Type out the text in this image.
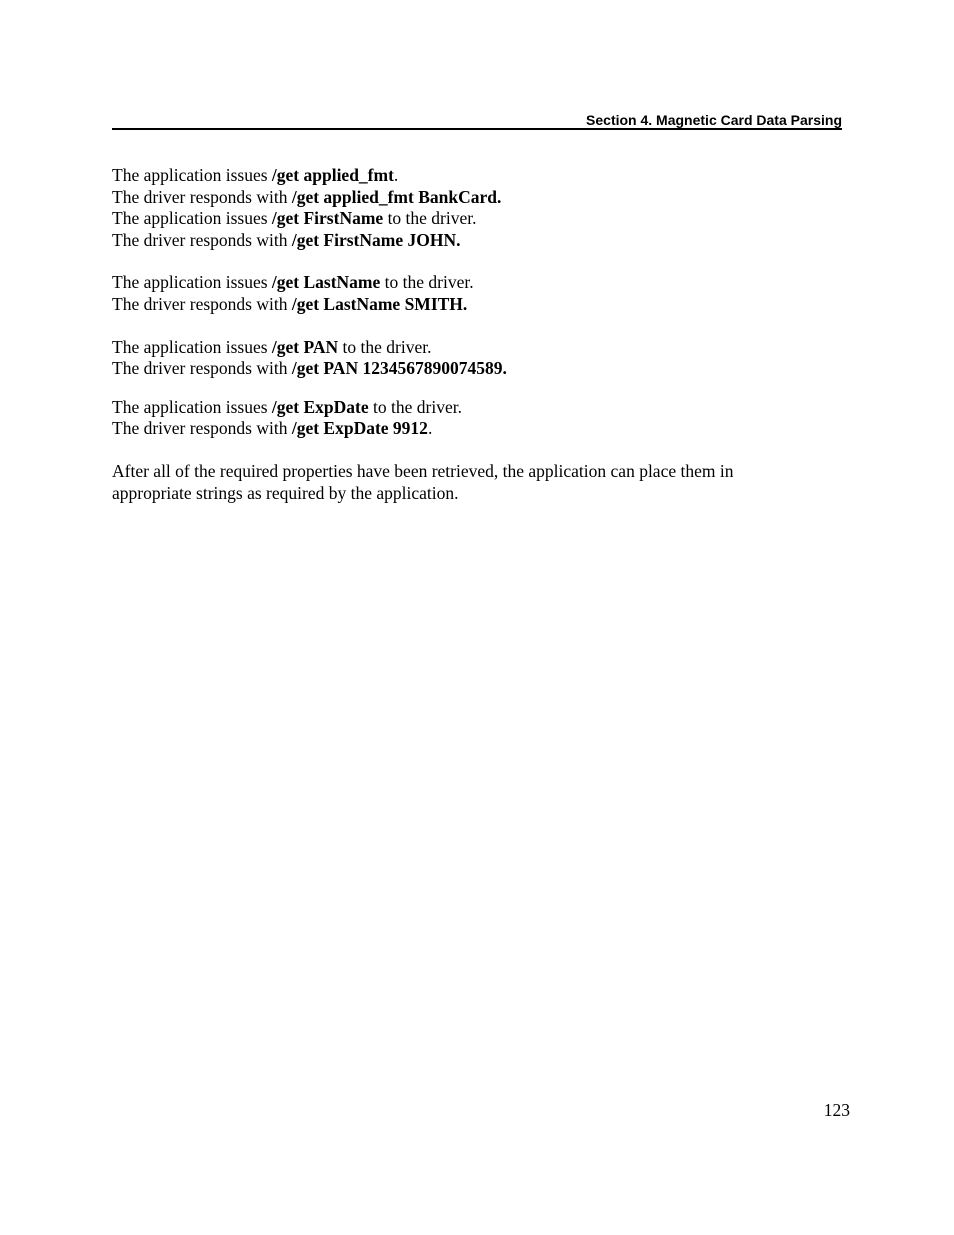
Section 4. Magnetic Card Data Parsing
The application issues /get applied_fmt.
The driver responds with /get applied_fmt BankCard.
The application issues /get FirstName to the driver.
The driver responds with /get FirstName JOHN.
The application issues /get LastName to the driver.
The driver responds with /get LastName SMITH.
The application issues /get PAN to the driver.
The driver responds with /get PAN 1234567890074589.
The application issues /get ExpDate to the driver.
The driver responds with /get ExpDate 9912.
After all of the required properties have been retrieved, the application can place them in
appropriate strings as required by the application.
123
